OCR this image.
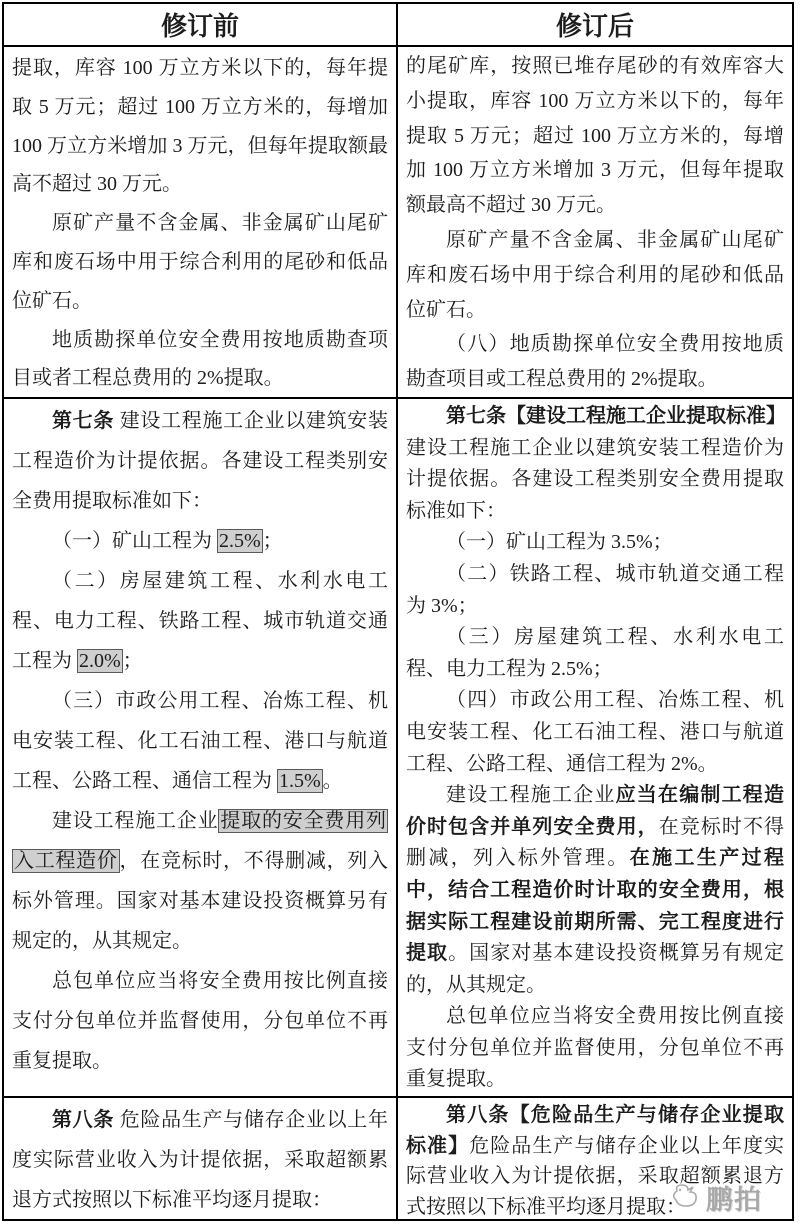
修订前	修订后

提取，库容 100 万立方米以下的，每年提取 5 万元；超过 100 万立方米的，每增加 100 万立方米增加 3 万元，但每年提取额最高不超过 30 万元。

原矿产量不含金属、非金属矿山尾矿库和废石场中用于综合利用的尾砂和低品位矿石。

地质勘探单位安全费用按地质勘查项目或者工程总费用的 2%提取。

的尾矿库，按照已堆存尾砂的有效库容大小提取，库容 100 万立方米以下的，每年提取 5 万元；超过 100 万立方米的，每增加 100 万立方米增加 3 万元，但每年提取额最高不超过 30 万元。

原矿产量不含金属、非金属矿山尾矿库和废石场中用于综合利用的尾砂和低品位矿石。

（八）地质勘探单位安全费用按地质勘查项目或工程总费用的 2%提取。

第七条 建设工程施工企业以建筑安装工程造价为计提依据。各建设工程类别安全费用提取标准如下：

（一）矿山工程为 2.5% ；

（二）房屋建筑工程、水利水电工程、电力工程、铁路工程、城市轨道交通工程为 2.0% ；

（三）市政公用工程、冶炼工程、机电安装工程、化工石油工程、港口与航道工程、公路工程、通信工程为 1.5% 。

建设工程施工企业 提取的安全费用列入工程造价 ，在竞标时，不得删减，列入标外管理。国家对基本建设投资概算另有规定的，从其规定。

总包单位应当将安全费用按比例直接支付分包单位并监督使用，分包单位不再重复提取。

第七条【建设工程施工企业提取标准】建设工程施工企业以建筑安装工程造价为计提依据。各建设工程类别安全费用提取标准如下：

（一）矿山工程为 3.5%；

（二）铁路工程、城市轨道交通工程为 3%；

（三）房屋建筑工程、水利水电工程、电力工程为 2.5%；

（四）市政公用工程、冶炼工程、机电安装工程、化工石油工程、港口与航道工程、公路工程、通信工程为 2%。

建设工程施工企业应当在编制工程造价时包含并单列安全费用，在竞标时不得删减，列入标外管理。在施工生产过程中，结合工程造价时计取的安全费用，根据实际工程建设前期所需、完工程度进行提取。国家对基本建设投资概算另有规定的，从其规定。

总包单位应当将安全费用按比例直接支付分包单位并监督使用，分包单位不再重复提取。

第八条 危险品生产与储存企业以上年度实际营业收入为计提依据，采取超额累退方式按照以下标准平均逐月提取：

第八条【危险品生产与储存企业提取标准】危险品生产与储存企业以上年度实际营业收入为计提依据，采取超额累退方式按照以下标准平均逐月提取： 鹏拍
